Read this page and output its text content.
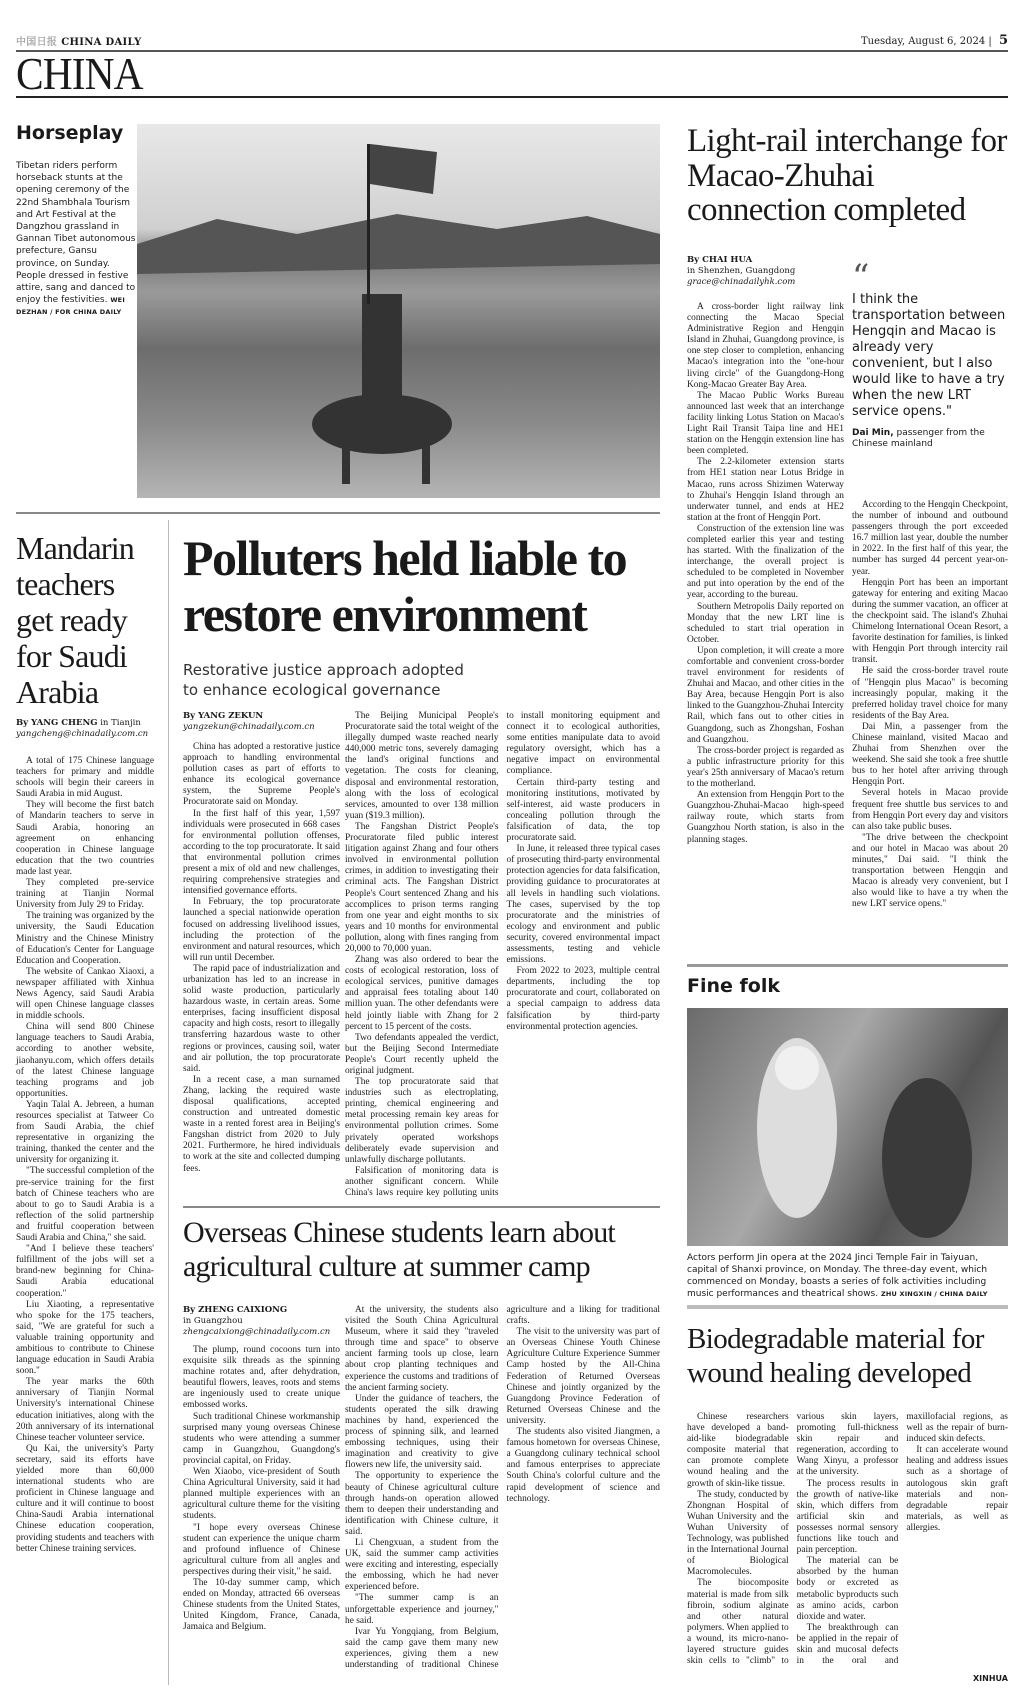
中国日报 CHINA DAILY	Tuesday, August 6, 2024 | 5
CHINA
Horseplay
Tibetan riders perform horseback stunts at the opening ceremony of the 22nd Shambhala Tourism and Art Festival at the Dangzhou grassland in Gannan Tibet autonomous prefecture, Gansu province, on Sunday. People dressed in festive attire, sang and danced to enjoy the festivities. WEI DEZHAN / FOR CHINA DAILY
Light-rail interchange for Macao-Zhuhai connection completed
By CHAI HUA
in Shenzhen, Guangdong
grace@chinadailyhk.com	“
I think the transportation between Hengqin and Macao is already very convenient, but I also would like to have a try when the new LRT service opens."
Dai Min, passenger from the Chinese mainland

A cross-border light railway link connecting the Macao Special Administrative Region and Hengqin Island in Zhuhai, Guangdong province, is one step closer to completion, enhancing Macao's integration into the "one-hour living circle" of the Guangdong-Hong Kong-Macao Greater Bay Area.

The Macao Public Works Bureau announced last week that an interchange facility linking Lotus Station on Macao's Light Rail Transit Taipa line and HE1 station on the Hengqin extension line has been completed.

The 2.2-kilometer extension starts from HE1 station near Lotus Bridge in Macao, runs across Shizimen Waterway to Zhuhai's Hengqin Island through an underwater tunnel, and ends at HE2 station at the front of Hengqin Port.

Construction of the extension line was completed earlier this year and testing has started. With the finalization of the interchange, the overall project is scheduled to be completed in November and put into operation by the end of the year, according to the bureau.

Southern Metropolis Daily reported on Monday that the new LRT line is scheduled to start trial operation in October.

Upon completion, it will create a more comfortable and convenient cross-border travel environment for residents of Zhuhai and Macao, and other cities in the Bay Area, because Hengqin Port is also linked to the Guangzhou-Zhuhai Intercity Rail, which fans out to other cities in Guangdong, such as Zhongshan, Foshan and Guangzhou.

The cross-border project is regarded as a public infrastructure priority for this year's 25th anniversary of Macao's return to the motherland.

An extension from Hengqin Port to the Guangzhou-Zhuhai-Macao high-speed railway route, which starts from Guangzhou North station, is also in the planning stages.

According to the Hengqin Checkpoint, the number of inbound and outbound passengers through the port exceeded 16.7 million last year, double the number in 2022. In the first half of this year, the number has surged 44 percent year-on-year.

Hengqin Port has been an important gateway for entering and exiting Macao during the summer vacation, an officer at the checkpoint said. The island's Zhuhai Chimelong International Ocean Resort, a favorite destination for families, is linked with Hengqin Port through intercity rail transit.

He said the cross-border travel route of "Hengqin plus Macao" is becoming increasingly popular, making it the preferred holiday travel choice for many residents of the Bay Area.

Dai Min, a passenger from the Chinese mainland, visited Macao and Zhuhai from Shenzhen over the weekend. She said she took a free shuttle bus to her hotel after arriving through Hengqin Port.

Several hotels in Macao provide frequent free shuttle bus services to and from Hengqin Port every day and visitors can also take public buses.

"The drive between the checkpoint and our hotel in Macao was about 20 minutes," Dai said. "I think the transportation between Hengqin and Macao is already very convenient, but I also would like to have a try when the new LRT service opens."

Mandarin teachers get ready for Saudi Arabia
By YANG CHENG in Tianjin
yangcheng@chinadaily.com.cn

A total of 175 Chinese language teachers for primary and middle schools will begin their careers in Saudi Arabia in mid August.

They will become the first batch of Mandarin teachers to serve in Saudi Arabia, honoring an agreement on enhancing cooperation in Chinese language education that the two countries made last year.

They completed pre-service training at Tianjin Normal University from July 29 to Friday.

The training was organized by the university, the Saudi Education Ministry and the Chinese Ministry of Education's Center for Language Education and Cooperation.

The website of Cankao Xiaoxi, a newspaper affiliated with Xinhua News Agency, said Saudi Arabia will open Chinese language classes in middle schools.

China will send 800 Chinese language teachers to Saudi Arabia, according to another website, jiaohanyu.com, which offers details of the latest Chinese language teaching programs and job opportunities.

Yaqin Talal A. Jebreen, a human resources specialist at Tatweer Co from Saudi Arabia, the chief representative in organizing the training, thanked the center and the university for organizing it.

"The successful completion of the pre-service training for the first batch of Chinese teachers who are about to go to Saudi Arabia is a reflection of the solid partnership and fruitful cooperation between Saudi Arabia and China," she said.

"And I believe these teachers' fulfillment of the jobs will set a brand-new beginning for China-Saudi Arabia educational cooperation."

Liu Xiaoting, a representative who spoke for the 175 teachers, said, "We are grateful for such a valuable training opportunity and ambitious to contribute to Chinese language education in Saudi Arabia soon."

The year marks the 60th anniversary of Tianjin Normal University's international Chinese education initiatives, along with the 20th anniversary of its international Chinese teacher volunteer service.

Qu Kai, the university's Party secretary, said its efforts have yielded more than 60,000 international students who are proficient in Chinese language and culture and it will continue to boost China-Saudi Arabia international Chinese education cooperation, providing students and teachers with better Chinese training services.

Polluters held liable to restore environment
Restorative justice approach adopted to enhance ecological governance
By YANG ZEKUN
yangzekun@chinadaily.com.cn

China has adopted a restorative justice approach to handling environmental pollution cases as part of efforts to enhance its ecological governance system, the Supreme People's Procuratorate said on Monday.

In the first half of this year, 1,597 individuals were prosecuted in 668 cases for environmental pollution offenses, according to the top procuratorate. It said that environmental pollution crimes present a mix of old and new challenges, requiring comprehensive strategies and intensified governance efforts.

In February, the top procuratorate launched a special nationwide operation focused on addressing livelihood issues, including the protection of the environment and natural resources, which will run until December.

The rapid pace of industrialization and urbanization has led to an increase in solid waste production, particularly hazardous waste, in certain areas. Some enterprises, facing insufficient disposal capacity and high costs, resort to illegally transferring hazardous waste to other regions or provinces, causing soil, water and air pollution, the top procuratorate said.

In a recent case, a man surnamed Zhang, lacking the required waste disposal qualifications, accepted construction and untreated domestic waste in a rented forest area in Beijing's Fangshan district from 2020 to July 2021. Furthermore, he hired individuals to work at the site and collected dumping fees.

The Beijing Municipal People's Procuratorate said the total weight of the illegally dumped waste reached nearly 440,000 metric tons, severely damaging the land's original functions and vegetation. The costs for cleaning, disposal and environmental restoration, along with the loss of ecological services, amounted to over 138 million yuan ($19.3 million).

The Fangshan District People's Procuratorate filed public interest litigation against Zhang and four others involved in environmental pollution crimes, in addition to investigating their criminal acts. The Fangshan District People's Court sentenced Zhang and his accomplices to prison terms ranging from one year and eight months to six years and 10 months for environmental pollution, along with fines ranging from 20,000 to 70,000 yuan.

Zhang was also ordered to bear the costs of ecological restoration, loss of ecological services, punitive damages and appraisal fees totaling about 140 million yuan. The other defendants were held jointly liable with Zhang for 2 percent to 15 percent of the costs.

Two defendants appealed the verdict, but the Beijing Second Intermediate People's Court recently upheld the original judgment.

The top procuratorate said that industries such as electroplating, printing, chemical engineering and metal processing remain key areas for environmental pollution crimes. Some privately operated workshops deliberately evade supervision and unlawfully discharge pollutants.

Falsification of monitoring data is another significant concern. While China's laws require key polluting units to install monitoring equipment and connect it to ecological authorities, some entities manipulate data to avoid regulatory oversight, which has a negative impact on environmental compliance.

Certain third-party testing and monitoring institutions, motivated by self-interest, aid waste producers in concealing pollution through the falsification of data, the top procuratorate said.

In June, it released three typical cases of prosecuting third-party environmental protection agencies for data falsification, providing guidance to procuratorates at all levels in handling such violations. The cases, supervised by the top procuratorate and the ministries of ecology and environment and public security, covered environmental impact assessments, testing and vehicle emissions.

From 2022 to 2023, multiple central departments, including the top procuratorate and court, collaborated on a special campaign to address data falsification by third-party environmental protection agencies.

Overseas Chinese students learn about agricultural culture at summer camp
By ZHENG CAIXIONG
in Guangzhou
zhengcaixiong@chinadaily.com.cn

The plump, round cocoons turn into exquisite silk threads as the spinning machine rotates and, after dehydration, beautiful flowers, leaves, roots and stems are ingeniously used to create unique embossed works.

Such traditional Chinese workmanship surprised many young overseas Chinese students who were attending a summer camp in Guangzhou, Guangdong's provincial capital, on Friday.

Wen Xiaobo, vice-president of South China Agricultural University, said it had planned multiple experiences with an agricultural culture theme for the visiting students.

"I hope every overseas Chinese student can experience the unique charm and profound influence of Chinese agricultural culture from all angles and perspectives during their visit," he said.

The 10-day summer camp, which ended on Monday, attracted 66 overseas Chinese students from the United States, United Kingdom, France, Canada, Jamaica and Belgium.

At the university, the students also visited the South China Agricultural Museum, where it said they "traveled through time and space" to observe ancient farming tools up close, learn about crop planting techniques and experience the customs and traditions of the ancient farming society.

Under the guidance of teachers, the students operated the silk drawing machines by hand, experienced the process of spinning silk, and learned embossing techniques, using their imagination and creativity to give flowers new life, the university said.

The opportunity to experience the beauty of Chinese agricultural culture through hands-on operation allowed them to deepen their understanding and identification with Chinese culture, it said.

Li Chengxuan, a student from the UK, said the summer camp activities were exciting and interesting, especially the embossing, which he had never experienced before.

"The summer camp is an unforgettable experience and journey," he said.

Ivar Yu Yongqiang, from Belgium, said the camp gave them many new experiences, giving them a new understanding of traditional Chinese agriculture and a liking for traditional crafts.

The visit to the university was part of an Overseas Chinese Youth Chinese Agriculture Culture Experience Summer Camp hosted by the All-China Federation of Returned Overseas Chinese and jointly organized by the Guangdong Province Federation of Returned Overseas Chinese and the university.

The students also visited Jiangmen, a famous hometown for overseas Chinese, a Guangdong culinary technical school and famous enterprises to appreciate South China's colorful culture and the rapid development of science and technology.

Fine folk
Actors perform Jin opera at the 2024 Jinci Temple Fair in Taiyuan, capital of Shanxi province, on Monday. The three-day event, which commenced on Monday, boasts a series of folk activities including music performances and theatrical shows. ZHU XINGXIN / CHINA DAILY
Biodegradable material for wound healing developed

Chinese researchers have developed a band-aid-like biodegradable composite material that can promote complete wound healing and the growth of skin-like tissue.

The study, conducted by Zhongnan Hospital of Wuhan University and the Wuhan University of Technology, was published in the International Journal of Biological Macromolecules.

The biocomposite material is made from silk fibroin, sodium alginate and other natural polymers. When applied to a wound, its micro-nano-layered structure guides skin cells to "climb" to various skin layers, promoting full-thickness skin repair and regeneration, according to Wang Xinyu, a professor at the university.

The process results in the growth of native-like skin, which differs from artificial skin and possesses normal sensory functions like touch and pain perception.

The material can be absorbed by the human body or excreted as metabolic byproducts such as amino acids, carbon dioxide and water.

The breakthrough can be applied in the repair of skin and mucosal defects in the oral and maxillofacial regions, as well as the repair of burn-induced skin defects.

It can accelerate wound healing and address issues such as a shortage of autologous skin graft materials and non-degradable repair materials, as well as allergies.

XINHUA
